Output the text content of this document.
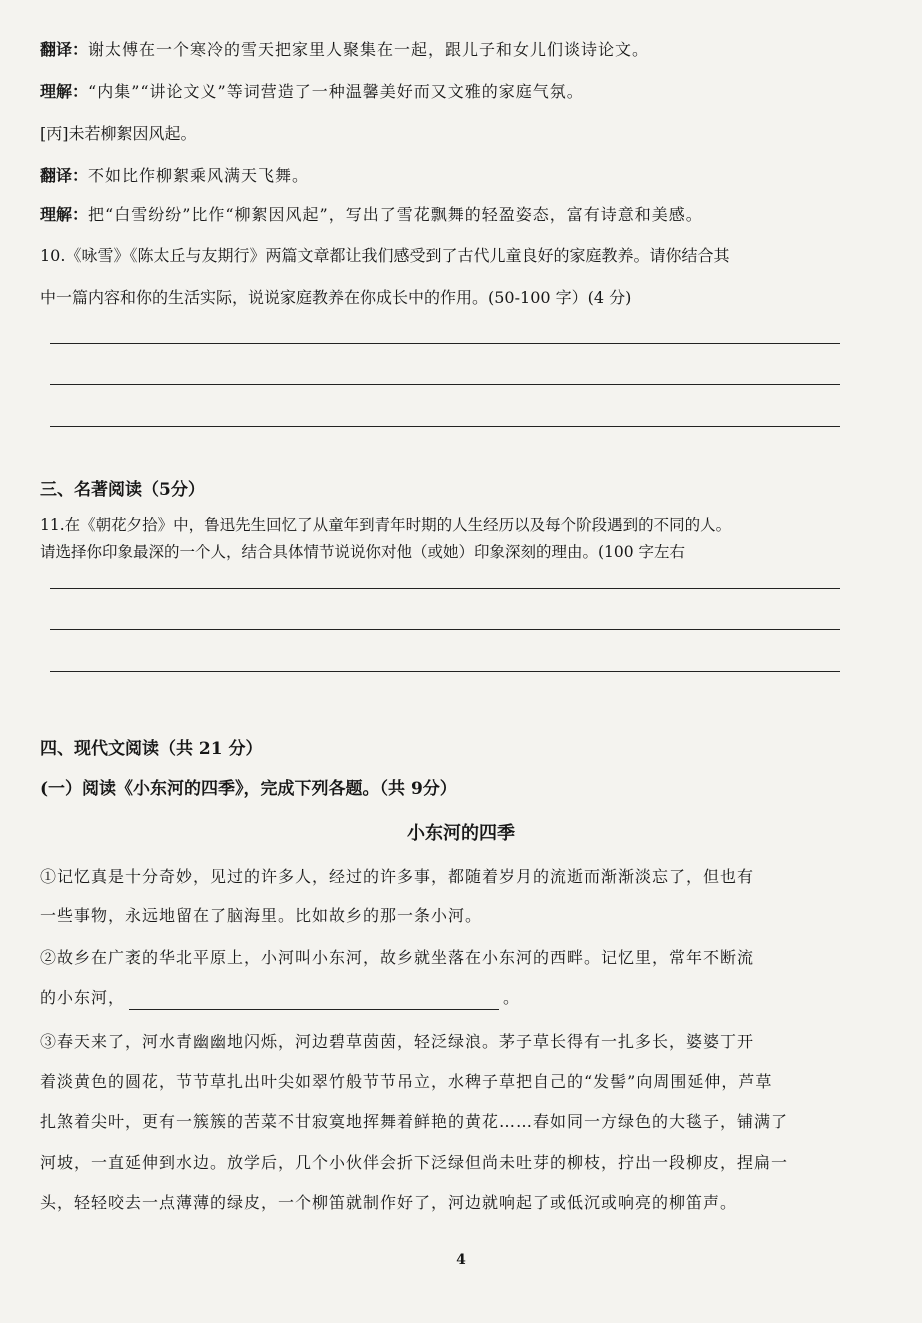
翻译：谢太傅在一个寒冷的雪天把家里人聚集在一起，跟儿子和女儿们谈诗论文。
理解：“内集”“讲论文义”等词营造了一种温馨美好而又文雅的家庭气氛。
[丙]未若柳絮因风起。
翻译：不如比作柳絮乘风满天飞舞。
理解：把“白雪纷纷”比作“柳絮因风起”，写出了雪花飘舞的轻盈姿态，富有诗意和美感。
10.《咏雪》《陈太丘与友期行》两篇文章都让我们感受到了古代儿童良好的家庭教养。请你结合其
中一篇内容和你的生活实际，说说家庭教养在你成长中的作用。(50-100 字）(4 分)
三、名著阅读（5分）
11.在《朝花夕拾》中，鲁迅先生回忆了从童年到青年时期的人生经历以及每个阶段遇到的不同的人。
请选择你印象最深的一个人，结合具体情节说说你对他（或她）印象深刻的理由。(100 字左右
四、现代文阅读（共 21 分）
(一）阅读《小东河的四季》，完成下列各题。（共 9分）
小东河的四季
①记忆真是十分奇妙，见过的许多人，经过的许多事，都随着岁月的流逝而渐渐淡忘了，但也有
一些事物，永远地留在了脑海里。比如故乡的那一条小河。
②故乡在广袤的华北平原上，小河叫小东河，故乡就坐落在小东河的西畔。记忆里，常年不断流
的小东河，	。
③春天来了，河水青幽幽地闪烁，河边碧草茵茵，轻泛绿浪。茅子草长得有一扎多长，婆婆丁开
着淡黄色的圆花，节节草扎出叶尖如翠竹般节节吊立，水稗子草把自己的“发髻”向周围延伸，芦草
扎煞着尖叶，更有一簇簇的苦菜不甘寂寞地挥舞着鲜艳的黄花……春如同一方绿色的大毯子，铺满了
河坡，一直延伸到水边。放学后，几个小伙伴会折下泛绿但尚未吐芽的柳枝，拧出一段柳皮，捏扁一
头，轻轻咬去一点薄薄的绿皮，一个柳笛就制作好了，河边就响起了或低沉或响亮的柳笛声。
4
